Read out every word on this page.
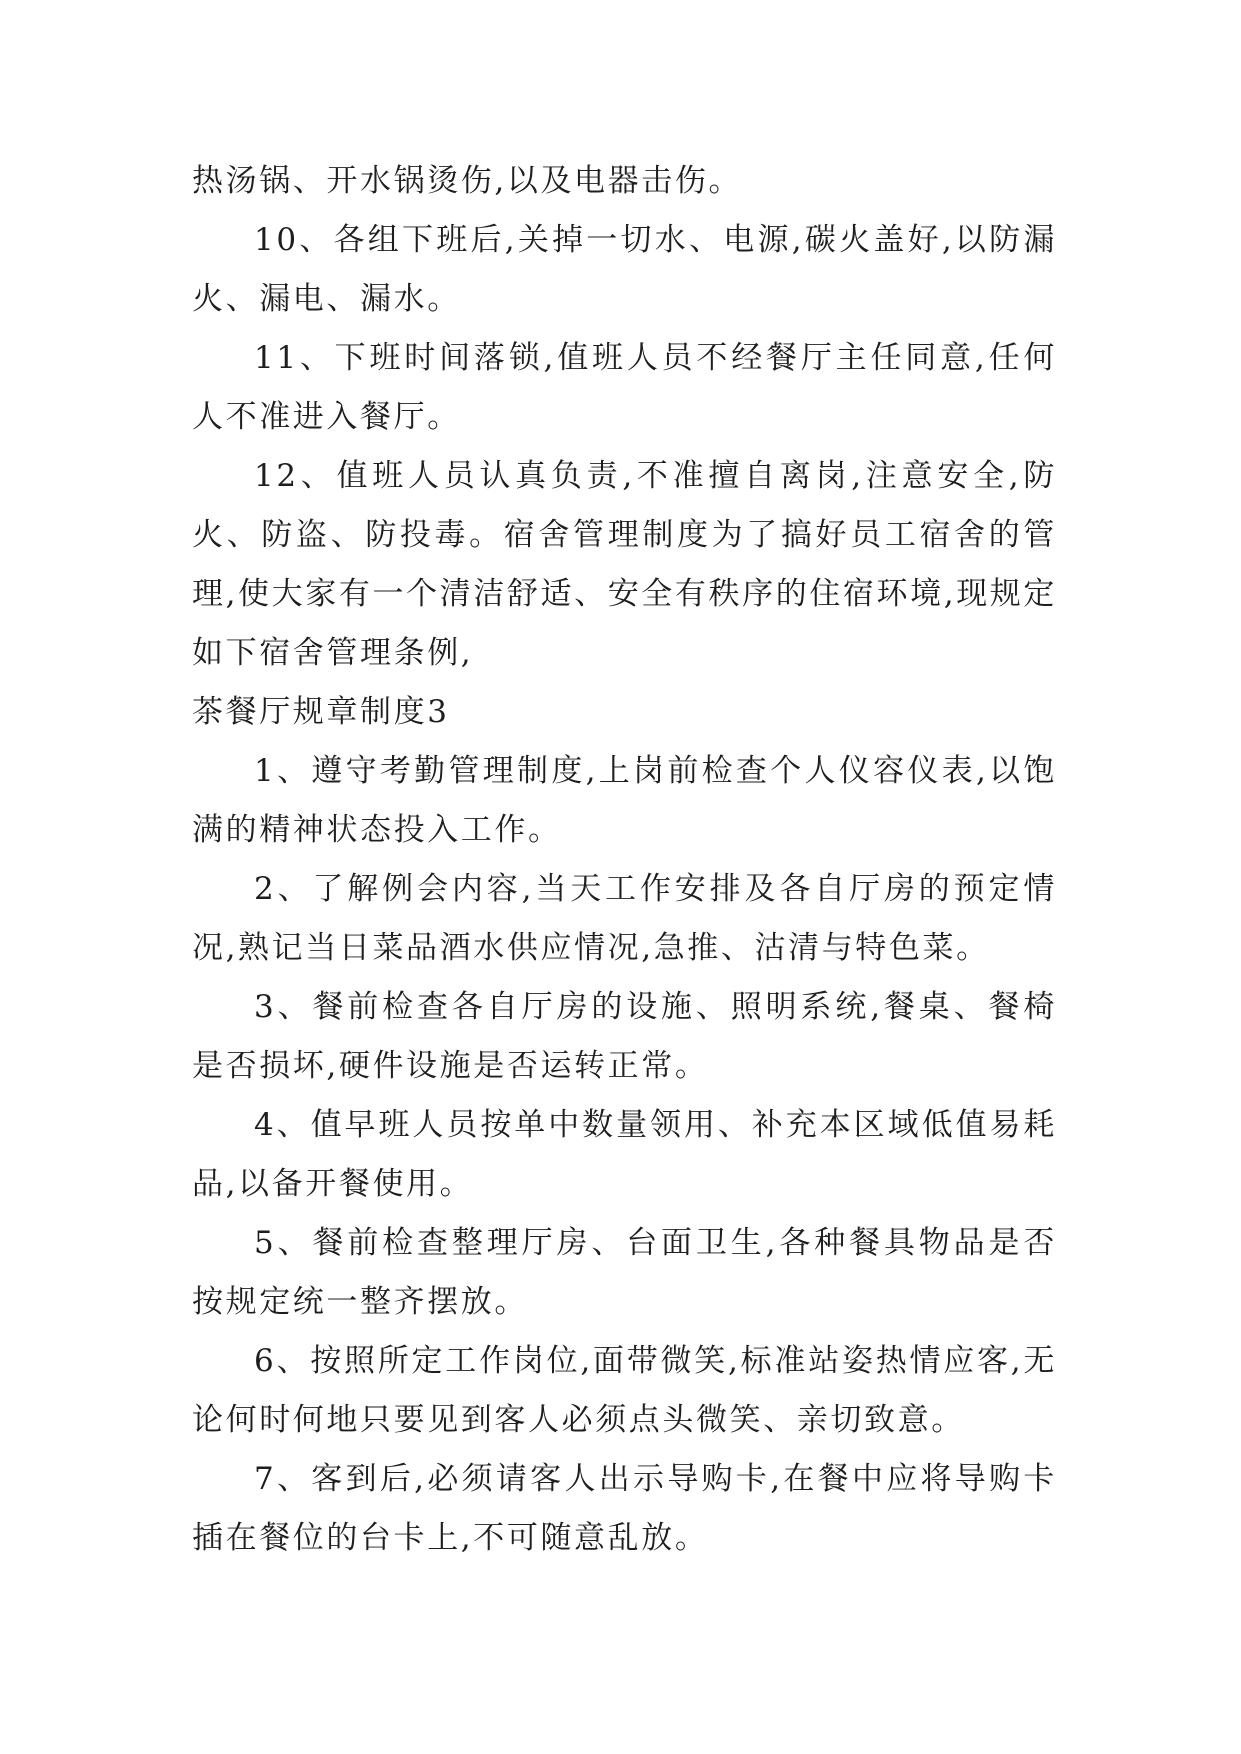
热汤锅、开水锅烫伤,以及电器击伤。

10、各组下班后,关掉一切水、电源,碳火盖好,以防漏火、漏电、漏水。

11、下班时间落锁,值班人员不经餐厅主任同意,任何人不准进入餐厅。

12、值班人员认真负责,不准擅自离岗,注意安全,防火、防盗、防投毒。宿舍管理制度为了搞好员工宿舍的管理,使大家有一个清洁舒适、安全有秩序的住宿环境,现规定如下宿舍管理条例,

茶餐厅规章制度3

1、遵守考勤管理制度,上岗前检查个人仪容仪表,以饱满的精神状态投入工作。

2、了解例会内容,当天工作安排及各自厅房的预定情况,熟记当日菜品酒水供应情况,急推、沽清与特色菜。

3、餐前检查各自厅房的设施、照明系统,餐桌、餐椅是否损坏,硬件设施是否运转正常。

4、值早班人员按单中数量领用、补充本区域低值易耗品,以备开餐使用。

5、餐前检查整理厅房、台面卫生,各种餐具物品是否按规定统一整齐摆放。

6、按照所定工作岗位,面带微笑,标准站姿热情应客,无论何时何地只要见到客人必须点头微笑、亲切致意。

7、客到后,必须请客人出示导购卡,在餐中应将导购卡插在餐位的台卡上,不可随意乱放。
